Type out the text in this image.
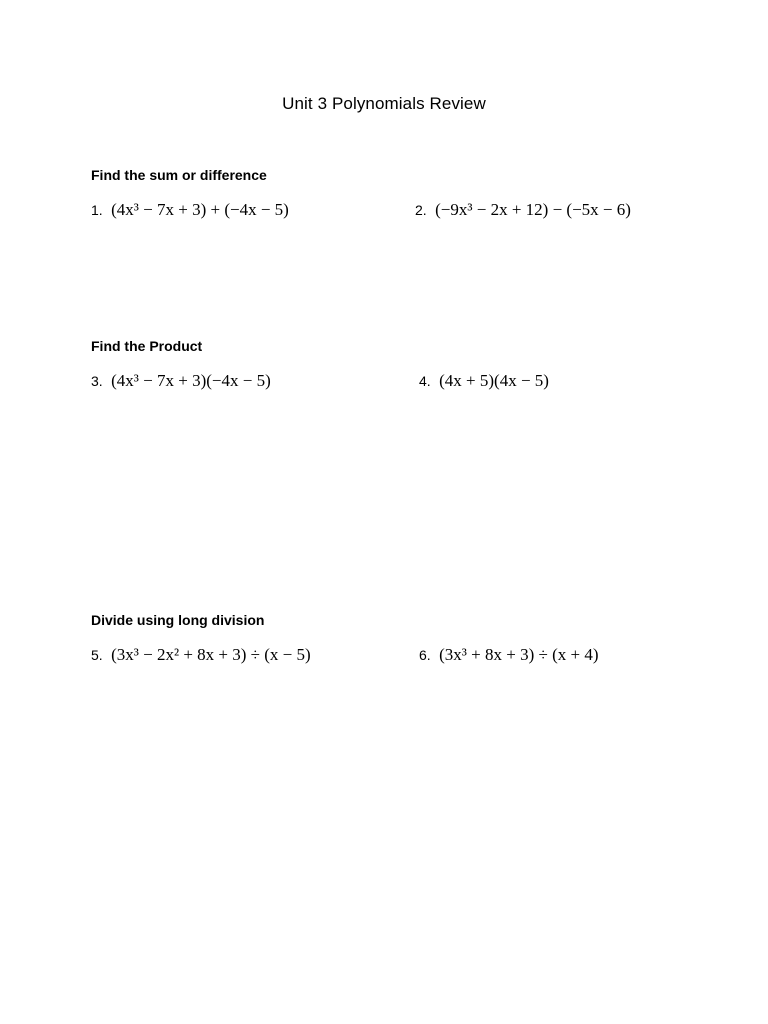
Unit 3 Polynomials Review
Find the sum or difference
1. (4x³ − 7x + 3) + (−4x − 5)	2. (−9x³ − 2x + 12) − (−5x − 6)
Find the Product
3. (4x³ − 7x + 3)(−4x − 5)	4. (4x + 5)(4x − 5)
Divide using long division
5. (3x³ − 2x² + 8x + 3) ÷ (x − 5)	6. (3x³ + 8x + 3) ÷ (x + 4)
